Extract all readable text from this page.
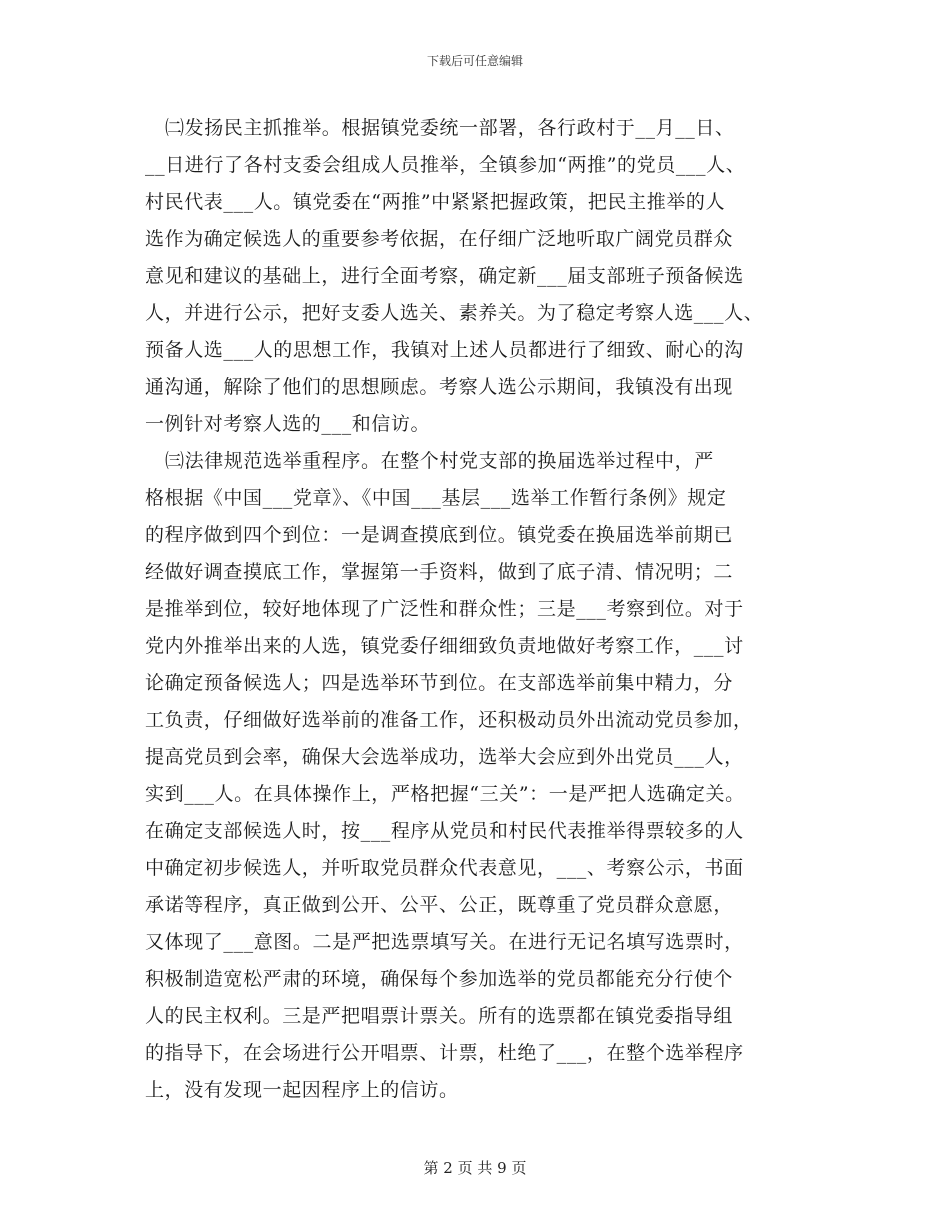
下载后可任意编辑
㈡发扬民主抓推举。根据镇党委统一部署，各行政村于__月__日、
__日进行了各村支委会组成人员推举，全镇参加“两推”的党员___人、
村民代表___人。镇党委在“两推”中紧紧把握政策，把民主推举的人
选作为确定候选人的重要参考依据，在仔细广泛地听取广阔党员群众
意见和建议的基础上，进行全面考察，确定新___届支部班子预备候选
人，并进行公示，把好支委人选关、素养关。为了稳定考察人选___人、
预备人选___人的思想工作，我镇对上述人员都进行了细致、耐心的沟
通沟通，解除了他们的思想顾虑。考察人选公示期间，我镇没有出现
一例针对考察人选的___和信访。
㈢法律规范选举重程序。在整个村党支部的换届选举过程中，严
格根据《中国___党章》、《中国___基层___选举工作暂行条例》规定
的程序做到四个到位：一是调查摸底到位。镇党委在换届选举前期已
经做好调查摸底工作，掌握第一手资料，做到了底子清、情况明；二
是推举到位，较好地体现了广泛性和群众性；三是___考察到位。对于
党内外推举出来的人选，镇党委仔细细致负责地做好考察工作，___讨
论确定预备候选人；四是选举环节到位。在支部选举前集中精力，分
工负责，仔细做好选举前的准备工作，还积极动员外出流动党员参加，
提高党员到会率，确保大会选举成功，选举大会应到外出党员___人，
实到___人。在具体操作上，严格把握“三关”：一是严把人选确定关。
在确定支部候选人时，按___程序从党员和村民代表推举得票较多的人
中确定初步候选人，并听取党员群众代表意见，___、考察公示，书面
承诺等程序，真正做到公开、公平、公正，既尊重了党员群众意愿，
又体现了___意图。二是严把选票填写关。在进行无记名填写选票时，
积极制造宽松严肃的环境，确保每个参加选举的党员都能充分行使个
人的民主权利。三是严把唱票计票关。所有的选票都在镇党委指导组
的指导下，在会场进行公开唱票、计票，杜绝了___，在整个选举程序
上，没有发现一起因程序上的信访。
第 2 页 共 9 页
